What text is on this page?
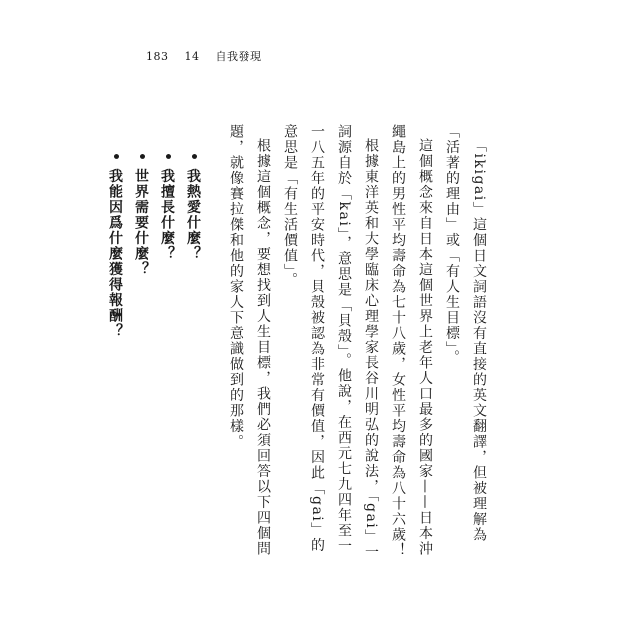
183 14 自我發現

「ikigai」這個日文詞語沒有直接的英文翻譯，但被理解為「活著的理由」或「有人生目標」。

這個概念來自日本這個世界上老年人口最多的國家——日本沖繩島上的男性平均壽命為七十八歲，女性平均壽命為八十六歲！

根據東洋英和大學臨床心理學家長谷川明弘的說法，「gai」一詞源自於「kai」，意思是「貝殼」。他說，在西元七九四年至一一八五年的平安時代，貝殼被認為非常有價值，因此「gai」的意思是「有生活價值」。

根據這個概念，要想找到人生目標，我們必須回答以下四個問題，就像賽拉傑和他的家人下意識做到的那樣。

• 我熱愛什麼？
• 我擅長什麼？
• 世界需要什麼？
• 我能因爲什麼獲得報酬？
